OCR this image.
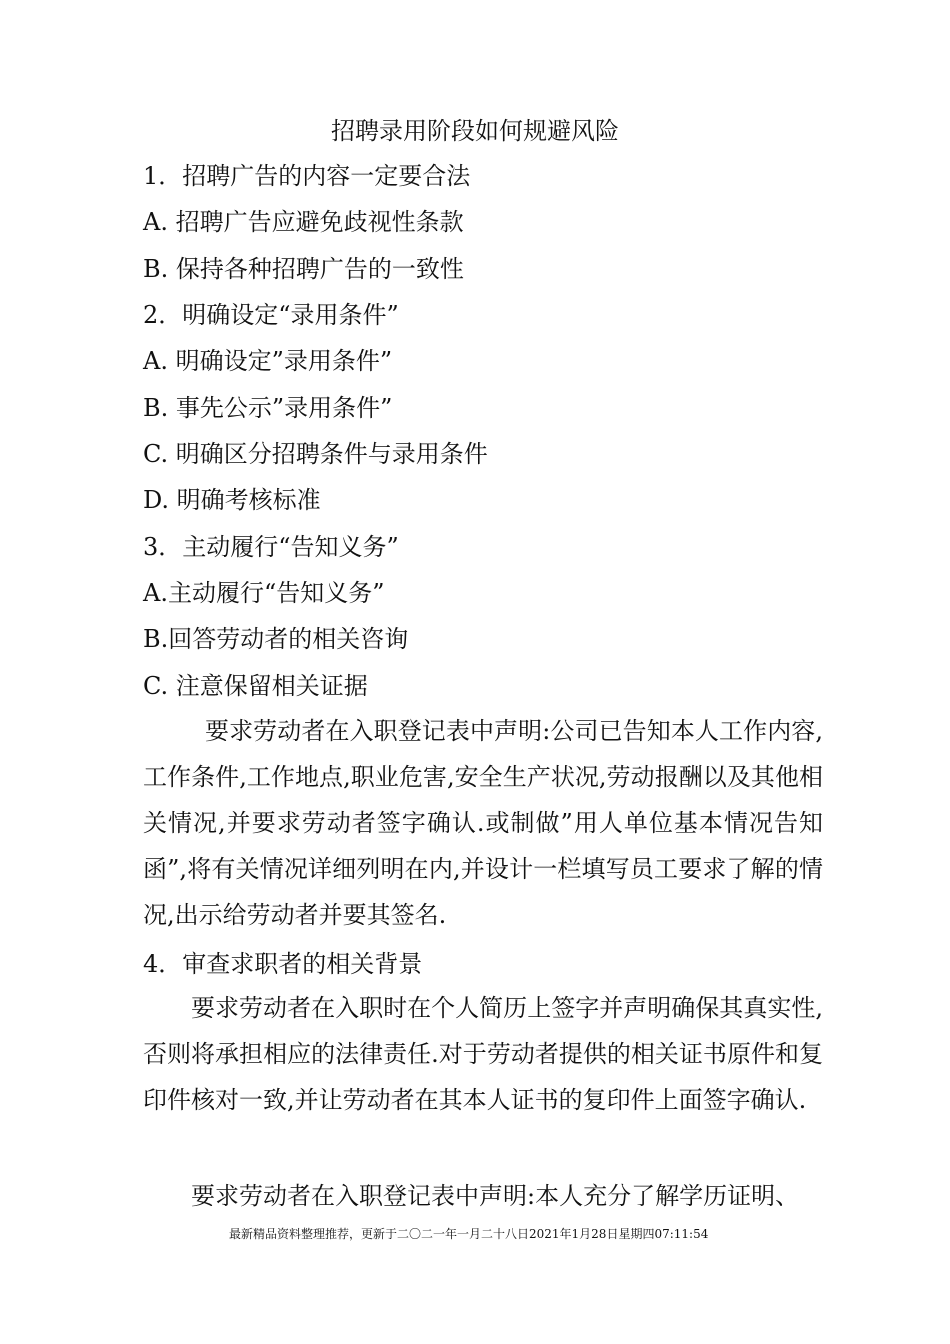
招聘录用阶段如何规避风险
1．招聘广告的内容一定要合法
A. 招聘广告应避免歧视性条款
B. 保持各种招聘广告的一致性
2．明确设定“录用条件”
A. 明确设定”录用条件”
B. 事先公示”录用条件”
C. 明确区分招聘条件与录用条件
D. 明确考核标准
3．主动履行“告知义务”
A.主动履行“告知义务”
B.回答劳动者的相关咨询
C. 注意保留相关证据
要求劳动者在入职登记表中声明:公司已告知本人工作内容,工作条件,工作地点,职业危害,安全生产状况,劳动报酬以及其他相关情况,并要求劳动者签字确认.或制做”用人单位基本情况告知函”,将有关情况详细列明在内,并设计一栏填写员工要求了解的情况,出示给劳动者并要其签名.
4．审查求职者的相关背景
要求劳动者在入职时在个人简历上签字并声明确保其真实性,否则将承担相应的法律责任.对于劳动者提供的相关证书原件和复印件核对一致,并让劳动者在其本人证书的复印件上面签字确认.
要求劳动者在入职登记表中声明:本人充分了解学历证明、
最新精品资料整理推荐，更新于二〇二一年一月二十八日2021年1月28日星期四07:11:54
